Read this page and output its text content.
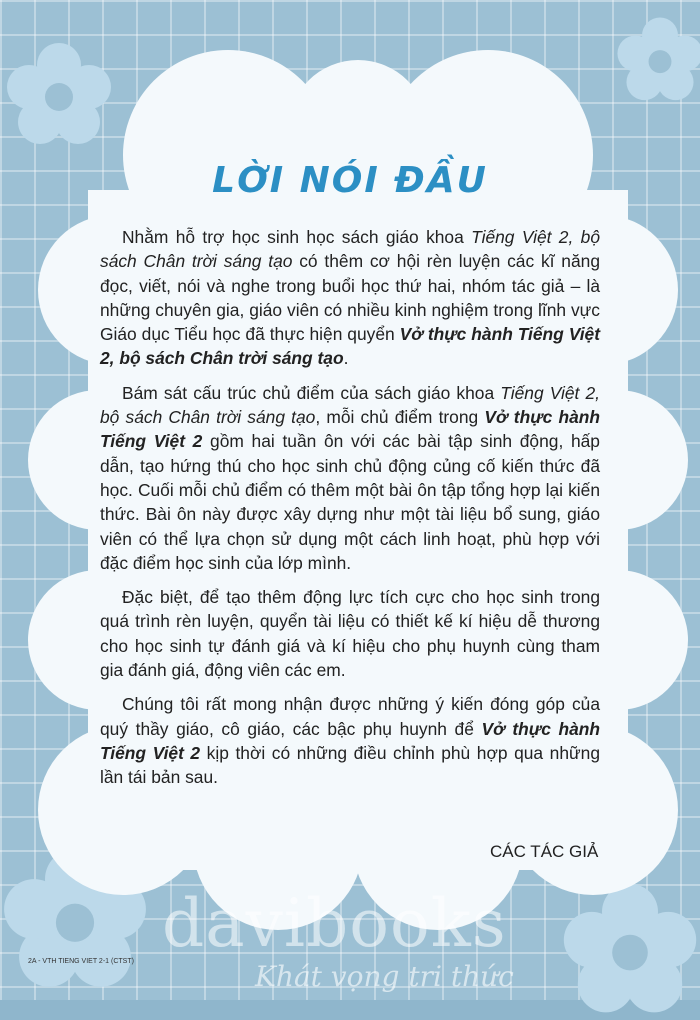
LỜI NÓI ĐẦU

Nhằm hỗ trợ học sinh học sách giáo khoa Tiếng Việt 2, bộ sách Chân trời sáng tạo có thêm cơ hội rèn luyện các kĩ năng đọc, viết, nói và nghe trong buổi học thứ hai, nhóm tác giả – là những chuyên gia, giáo viên có nhiều kinh nghiệm trong lĩnh vực Giáo dục Tiểu học đã thực hiện quyển Vở thực hành Tiếng Việt 2, bộ sách Chân trời sáng tạo.

Bám sát cấu trúc chủ điểm của sách giáo khoa Tiếng Việt 2, bộ sách Chân trời sáng tạo, mỗi chủ điểm trong Vở thực hành Tiếng Việt 2 gồm hai tuần ôn với các bài tập sinh động, hấp dẫn, tạo hứng thú cho học sinh chủ động củng cố kiến thức đã học. Cuối mỗi chủ điểm có thêm một bài ôn tập tổng hợp lại kiến thức. Bài ôn này được xây dựng như một tài liệu bổ sung, giáo viên có thể lựa chọn sử dụng một cách linh hoạt, phù hợp với đặc điểm học sinh của lớp mình.

Đặc biệt, để tạo thêm động lực tích cực cho học sinh trong quá trình rèn luyện, quyển tài liệu có thiết kế kí hiệu dễ thương cho học sinh tự đánh giá và kí hiệu cho phụ huynh cùng tham gia đánh giá, động viên các em.

Chúng tôi rất mong nhận được những ý kiến đóng góp của quý thầy giáo, cô giáo, các bậc phụ huynh để Vở thực hành Tiếng Việt 2 kịp thời có những điều chỉnh phù hợp qua những lần tái bản sau.

CÁC TÁC GIẢ
2A - VTH TIENG VIET 2-1 (CTST) davibooks
Khát vọng tri thức
